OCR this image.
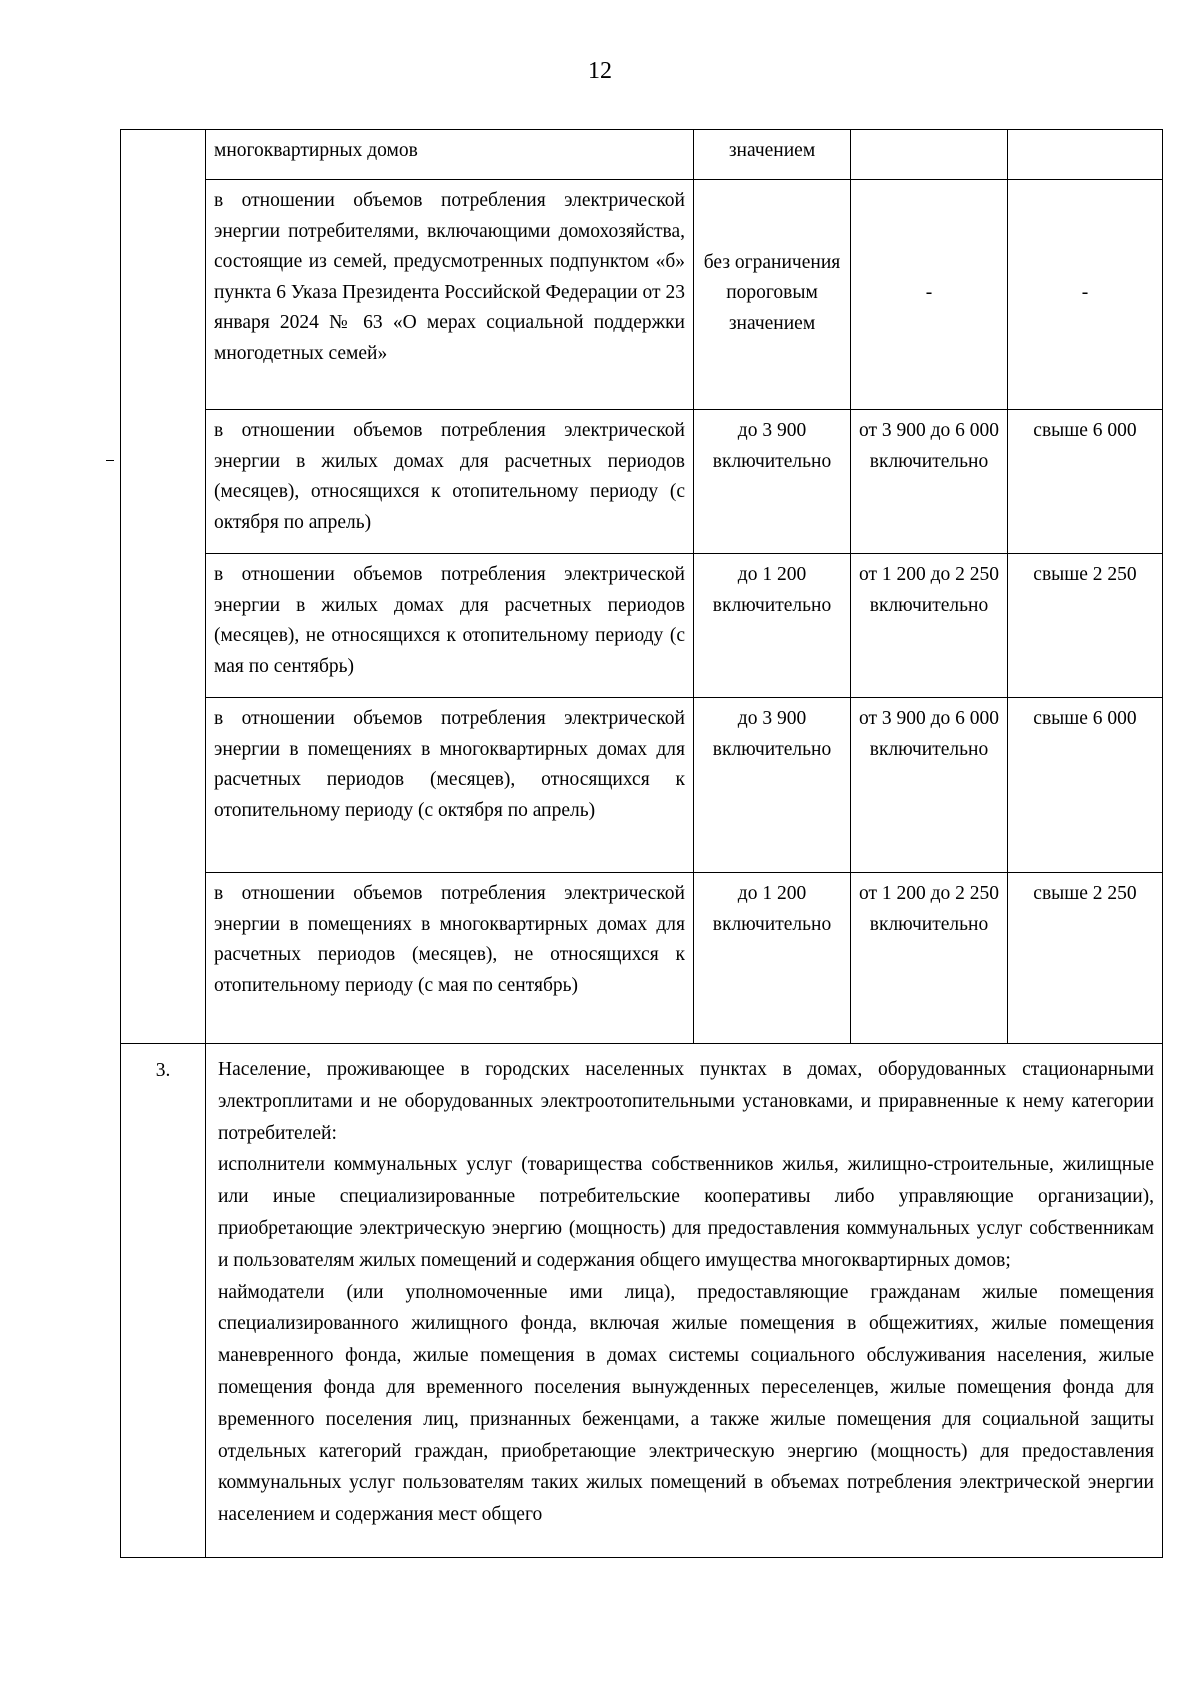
12
	многоквартирных домов	значением		
	в отношении объемов потребления электрической энергии потребителями, включающими домохозяйства, состоящие из семей, предусмотренных подпунктом «б» пункта 6 Указа Президента Российской Федерации от 23 января 2024 № 63 «О мерах социальной поддержки многодетных семей»	без ограничения пороговым значением	-	-
	в отношении объемов потребления электрической энергии в жилых домах для расчетных периодов (месяцев), относящихся к отопительному периоду (с октября по апрель)	до 3 900 включительно	от 3 900 до 6 000 включительно	свыше 6 000
	в отношении объемов потребления электрической энергии в жилых домах для расчетных периодов (месяцев), не относящихся к отопительному периоду (с мая по сентябрь)	до 1 200 включительно	от 1 200 до 2 250 включительно	свыше 2 250
	в отношении объемов потребления электрической энергии в помещениях в многоквартирных домах для расчетных периодов (месяцев), относящихся к отопительному периоду (с октября по апрель)	до 3 900 включительно	от 3 900 до 6 000 включительно	свыше 6 000
	в отношении объемов потребления электрической энергии в помещениях в многоквартирных домах для расчетных периодов (месяцев), не относящихся к отопительному периоду (с мая по сентябрь)	до 1 200 включительно	от 1 200 до 2 250 включительно	свыше 2 250
3.	Население, проживающее в городских населенных пунктах в домах, оборудованных стационарными электроплитами и не оборудованных электроотопительными установками, и приравненные к нему категории потребителей:

исполнители коммунальных услуг (товарищества собственников жилья, жилищно-строительные, жилищные или иные специализированные потребительские кооперативы либо управляющие организации), приобретающие электрическую энергию (мощность) для предоставления коммунальных услуг собственникам и пользователям жилых помещений и содержания общего имущества многоквартирных домов;

наймодатели (или уполномоченные ими лица), предоставляющие гражданам жилые помещения специализированного жилищного фонда, включая жилые помещения в общежитиях, жилые помещения маневренного фонда, жилые помещения в домах системы социального обслуживания населения, жилые помещения фонда для временного поселения вынужденных переселенцев, жилые помещения фонда для временного поселения лиц, признанных беженцами, а также жилые помещения для социальной защиты отдельных категорий граждан, приобретающие электрическую энергию (мощность) для предоставления коммунальных услуг пользователям таких жилых помещений в объемах потребления электрической энергии населением и содержания мест общего			
